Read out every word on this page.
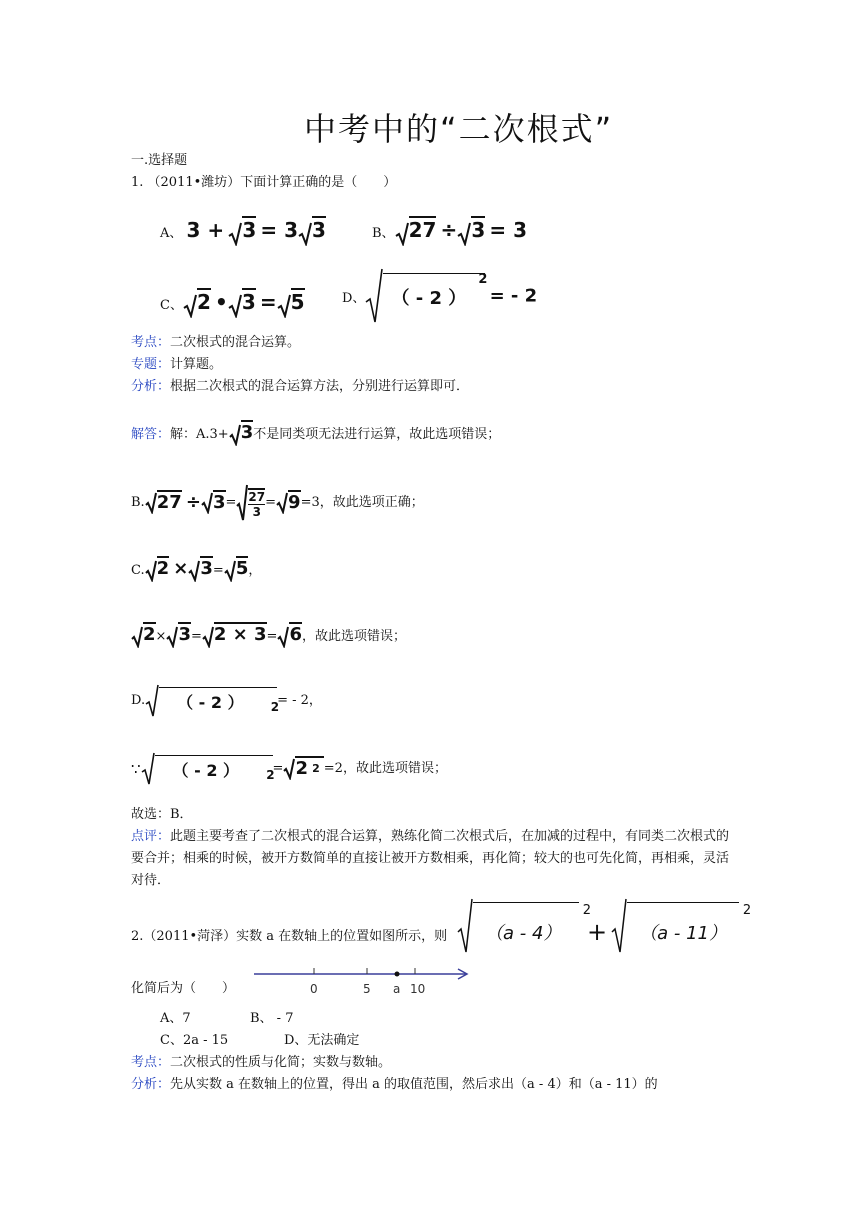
中考中的“二次根式”
一.选择题
1. （2011•潍坊）下面计算正确的是（　　）
A、 3 + 3 = 3 3	B、 27 ÷ 3 = 3
C、 2 • 3 = 5	D、 （ - 2 ）
2
= - 2
考点：二次根式的混合运算。
专题：计算题。
分析：根据二次根式的混合运算方法，分别进行运算即可．
解答：解：A.3+ 3不是同类项无法进行运算，故此选项错误；
B. $27 \div 3= \frac{27}{3} = 9=3$，故此选项正确；
C. 2 × 3= 5，
2× 3= 2 × 3= 6，故此选项错误；
D. （ - 2 ） 2
= - 2，
∵ （ - 2 ） 2
= 2 $^2$ =2，故此选项错误；
故选：B．
点评：此题主要考查了二次根式的混合运算，熟练化简二次根式后，在加减的过程中，有同类二次根式的要合并；相乘的时候，被开方数简单的直接让被开方数相乘，再化简；较大的也可先化简，再相乘，灵活对待．
2.（2011•菏泽）实数 a 在数轴上的位置如图所示，则	（a - 4）
2
+ （a - 11）
2
化简后为（　　）	0	5 a 10
A、7	B、 - 7
C、2a - 15	D、无法确定
考点：二次根式的性质与化简；实数与数轴。
分析：先从实数 a 在数轴上的位置，得出 a 的取值范围，然后求出（a - 4）和（a - 11）的
